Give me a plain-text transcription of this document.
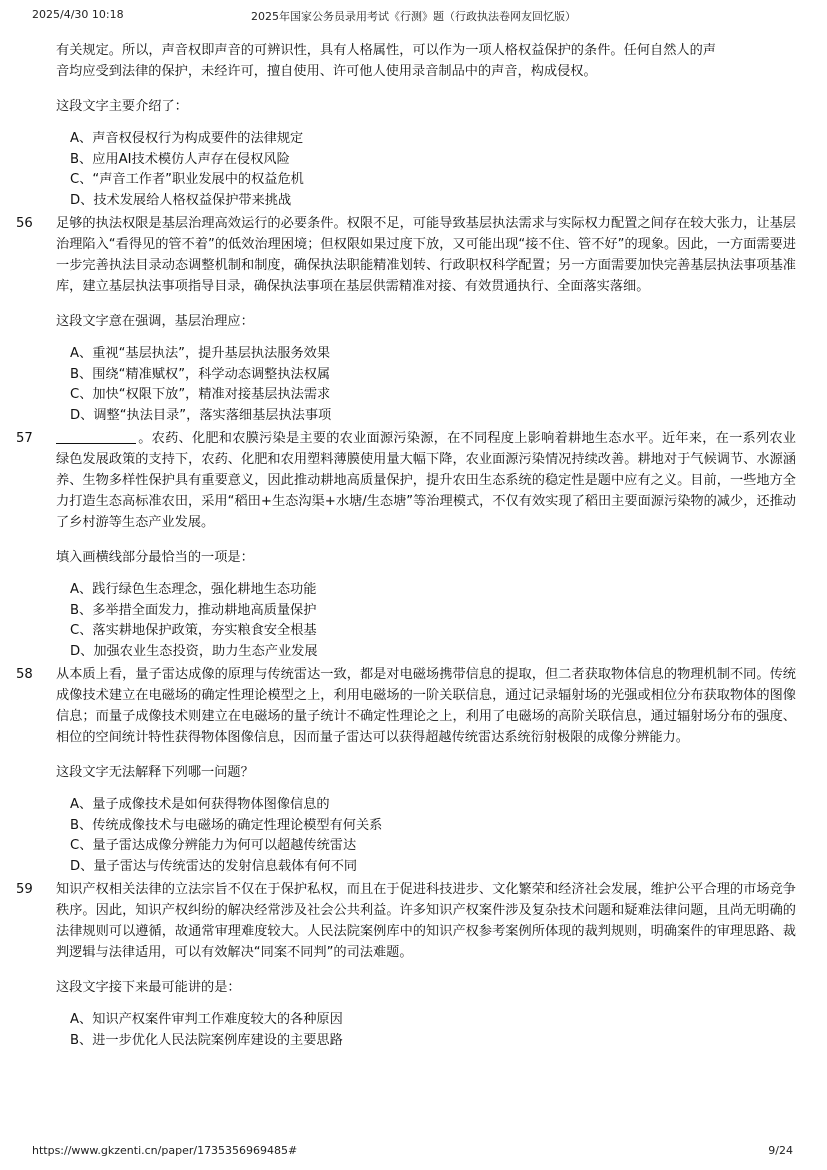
2025/4/30 10:18	2025年国家公务员录用考试《行测》题（行政执法卷网友回忆版）

有关规定。所以，声音权即声音的可辨识性，具有人格属性，可以作为一项人格权益保护的条件。任何自然人的声音均应受到法律的保护，未经许可，擅自使用、许可他人使用录音制品中的声音，构成侵权。

这段文字主要介绍了：
A、声音权侵权行为构成要件的法律规定
B、应用AI技术模仿人声存在侵权风险
C、“声音工作者”职业发展中的权益危机
D、技术发展给人格权益保护带来挑战
56 足够的执法权限是基层治理高效运行的必要条件。权限不足，可能导致基层执法需求与实际权力配置之间存在较大张力，让基层治理陷入“看得见的管不着”的低效治理困境；但权限如果过度下放，又可能出现“接不住、管不好”的现象。因此，一方面需要进一步完善执法目录动态调整机制和制度，确保执法职能精准划转、行政职权科学配置；另一方面需要加快完善基层执法事项基准库，建立基层执法事项指导目录，确保执法事项在基层供需精准对接、有效贯通执行、全面落实落细。

这段文字意在强调，基层治理应：
A、重视“基层执法”，提升基层执法服务效果
B、围绕“精准赋权”，科学动态调整执法权属
C、加快“权限下放”，精准对接基层执法需求
D、调整“执法目录”，落实落细基层执法事项
57	。农药、化肥和农膜污染是主要的农业面源污染源，在不同程度上影响着耕地生态水平。近年来，在一系列农业绿色发展政策的支持下，农药、化肥和农用塑料薄膜使用量大幅下降，农业面源污染情况持续改善。耕地对于气候调节、水源涵养、生物多样性保护具有重要意义，因此推动耕地高质量保护，提升农田生态系统的稳定性是题中应有之义。目前，一些地方全力打造生态高标准农田，采用“稻田+生态沟渠+水塘/生态塘”等治理模式，不仅有效实现了稻田主要面源污染物的减少，还推动了乡村游等生态产业发展。

填入画横线部分最恰当的一项是：
A、践行绿色生态理念，强化耕地生态功能
B、多举措全面发力，推动耕地高质量保护
C、落实耕地保护政策，夯实粮食安全根基
D、加强农业生态投资，助力生态产业发展
58 从本质上看，量子雷达成像的原理与传统雷达一致，都是对电磁场携带信息的提取，但二者获取物体信息的物理机制不同。传统成像技术建立在电磁场的确定性理论模型之上，利用电磁场的一阶关联信息，通过记录辐射场的光强或相位分布获取物体的图像信息；而量子成像技术则建立在电磁场的量子统计不确定性理论之上，利用了电磁场的高阶关联信息，通过辐射场分布的强度、相位的空间统计特性获得物体图像信息，因而量子雷达可以获得超越传统雷达系统衍射极限的成像分辨能力。

这段文字无法解释下列哪一问题？
A、量子成像技术是如何获得物体图像信息的
B、传统成像技术与电磁场的确定性理论模型有何关系
C、量子雷达成像分辨能力为何可以超越传统雷达
D、量子雷达与传统雷达的发射信息载体有何不同
59 知识产权相关法律的立法宗旨不仅在于保护私权，而且在于促进科技进步、文化繁荣和经济社会发展，维护公平合理的市场竞争秩序。因此，知识产权纠纷的解决经常涉及社会公共利益。许多知识产权案件涉及复杂技术问题和疑难法律问题，且尚无明确的法律规则可以遵循，故通常审理难度较大。人民法院案例库中的知识产权参考案例所体现的裁判规则，明确案件的审理思路、裁判逻辑与法律适用，可以有效解决“同案不同判”的司法难题。

这段文字接下来最可能讲的是：
A、知识产权案件审判工作难度较大的各种原因
B、进一步优化人民法院案例库建设的主要思路
https://www.gkzenti.cn/paper/1735356969485#	9/24
